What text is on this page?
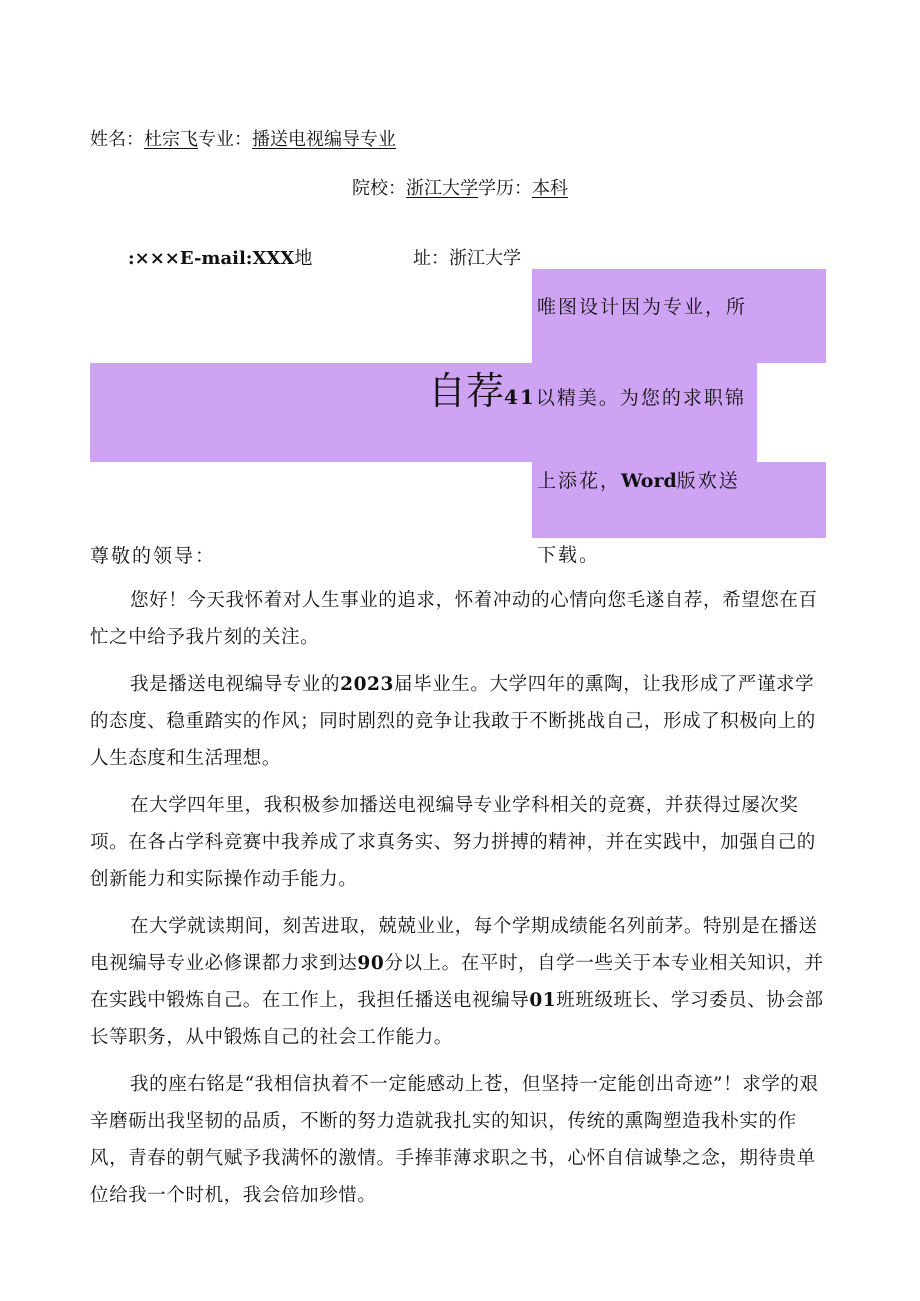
姓名：杜宗飞专业：播送电视编导专业
院校：浙江大学学历：本科
:×××E-mail:XXX地	址：浙江大学
唯图设计因为专业，所
自荐41以精美。为您的求职锦
上添花，Word版欢送
下载。
尊敬的领导：

您好！今天我怀着对人生事业的追求，怀着冲动的心情向您毛遂自荐，希望您在百忙之中给予我片刻的关注。

我是播送电视编导专业的2023届毕业生。大学四年的熏陶，让我形成了严谨求学的态度、稳重踏实的作风；同时剧烈的竞争让我敢于不断挑战自己，形成了积极向上的人生态度和生活理想。

在大学四年里，我积极参加播送电视编导专业学科相关的竞赛，并获得过屡次奖项。在各占学科竞赛中我养成了求真务实、努力拼搏的精神，并在实践中，加强自己的创新能力和实际操作动手能力。

在大学就读期间，刻苦进取，兢兢业业，每个学期成绩能名列前茅。特别是在播送电视编导专业必修课都力求到达90分以上。在平时，自学一些关于本专业相关知识，并在实践中锻炼自己。在工作上，我担任播送电视编导01班班级班长、学习委员、协会部长等职务，从中锻炼自己的社会工作能力。

我的座右铭是“我相信执着不一定能感动上苍，但坚持一定能创出奇迹”！求学的艰辛磨砺出我坚韧的品质，不断的努力造就我扎实的知识，传统的熏陶塑造我朴实的作风，青春的朝气赋予我满怀的激情。手捧菲薄求职之书，心怀自信诚挚之念，期待贵单位给我一个时机，我会倍加珍惜。
